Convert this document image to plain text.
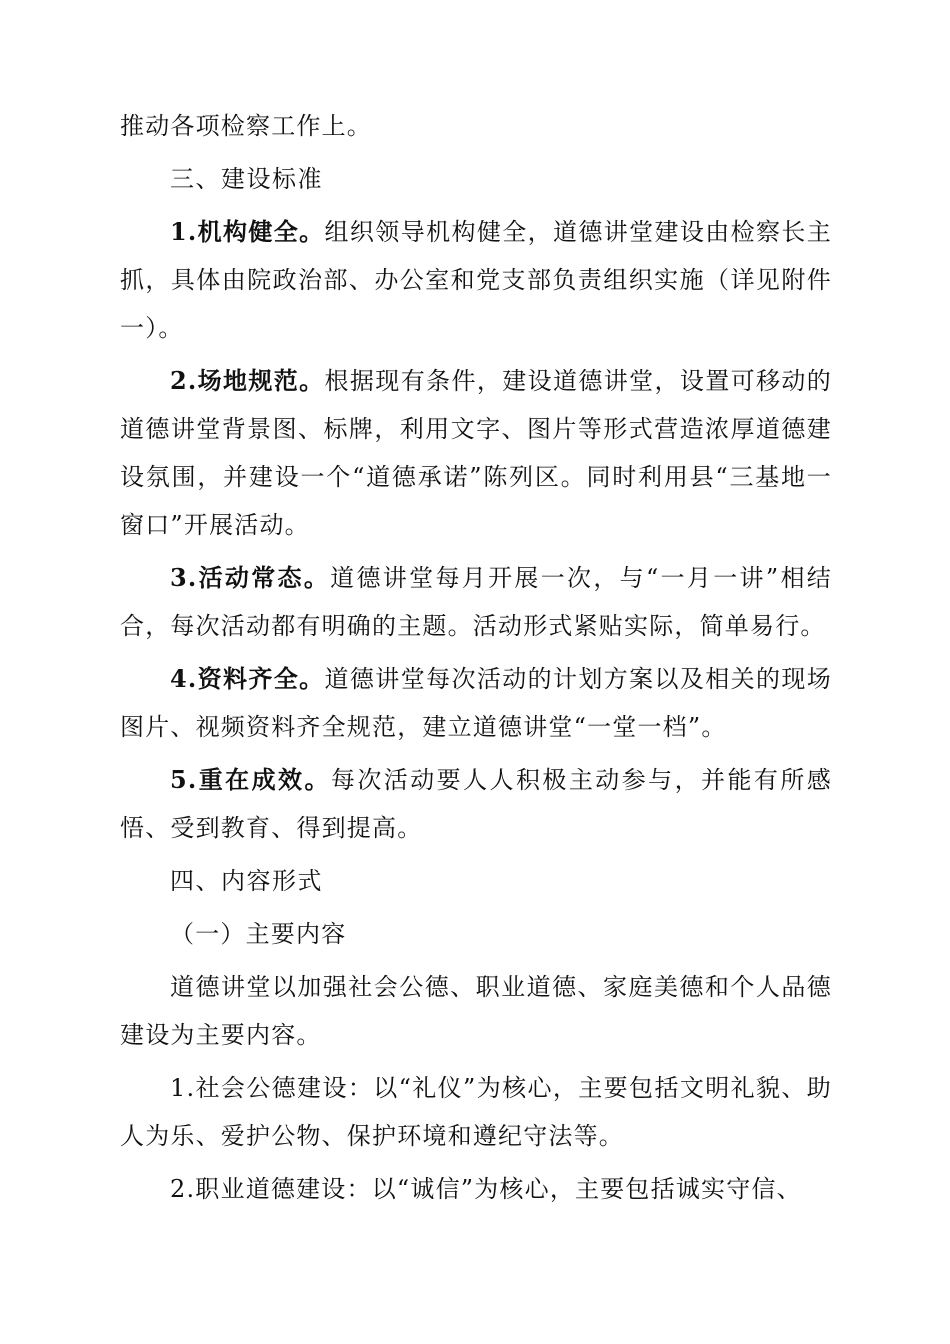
推动各项检察工作上。

三、建设标准

1.机构健全。组织领导机构健全，道德讲堂建设由检察长主抓，具体由院政治部、办公室和党支部负责组织实施（详见附件一）。

2.场地规范。根据现有条件，建设道德讲堂，设置可移动的道德讲堂背景图、标牌，利用文字、图片等形式营造浓厚道德建设氛围，并建设一个“道德承诺”陈列区。同时利用县“三基地一窗口”开展活动。

3.活动常态。道德讲堂每月开展一次，与“一月一讲”相结合，每次活动都有明确的主题。活动形式紧贴实际，简单易行。

4.资料齐全。道德讲堂每次活动的计划方案以及相关的现场图片、视频资料齐全规范，建立道德讲堂“一堂一档”。

5.重在成效。每次活动要人人积极主动参与，并能有所感悟、受到教育、得到提高。

四、内容形式

（一）主要内容

道德讲堂以加强社会公德、职业道德、家庭美德和个人品德建设为主要内容。

1.社会公德建设：以“礼仪”为核心，主要包括文明礼貌、助人为乐、爱护公物、保护环境和遵纪守法等。

2.职业道德建设：以“诚信”为核心，主要包括诚实守信、
